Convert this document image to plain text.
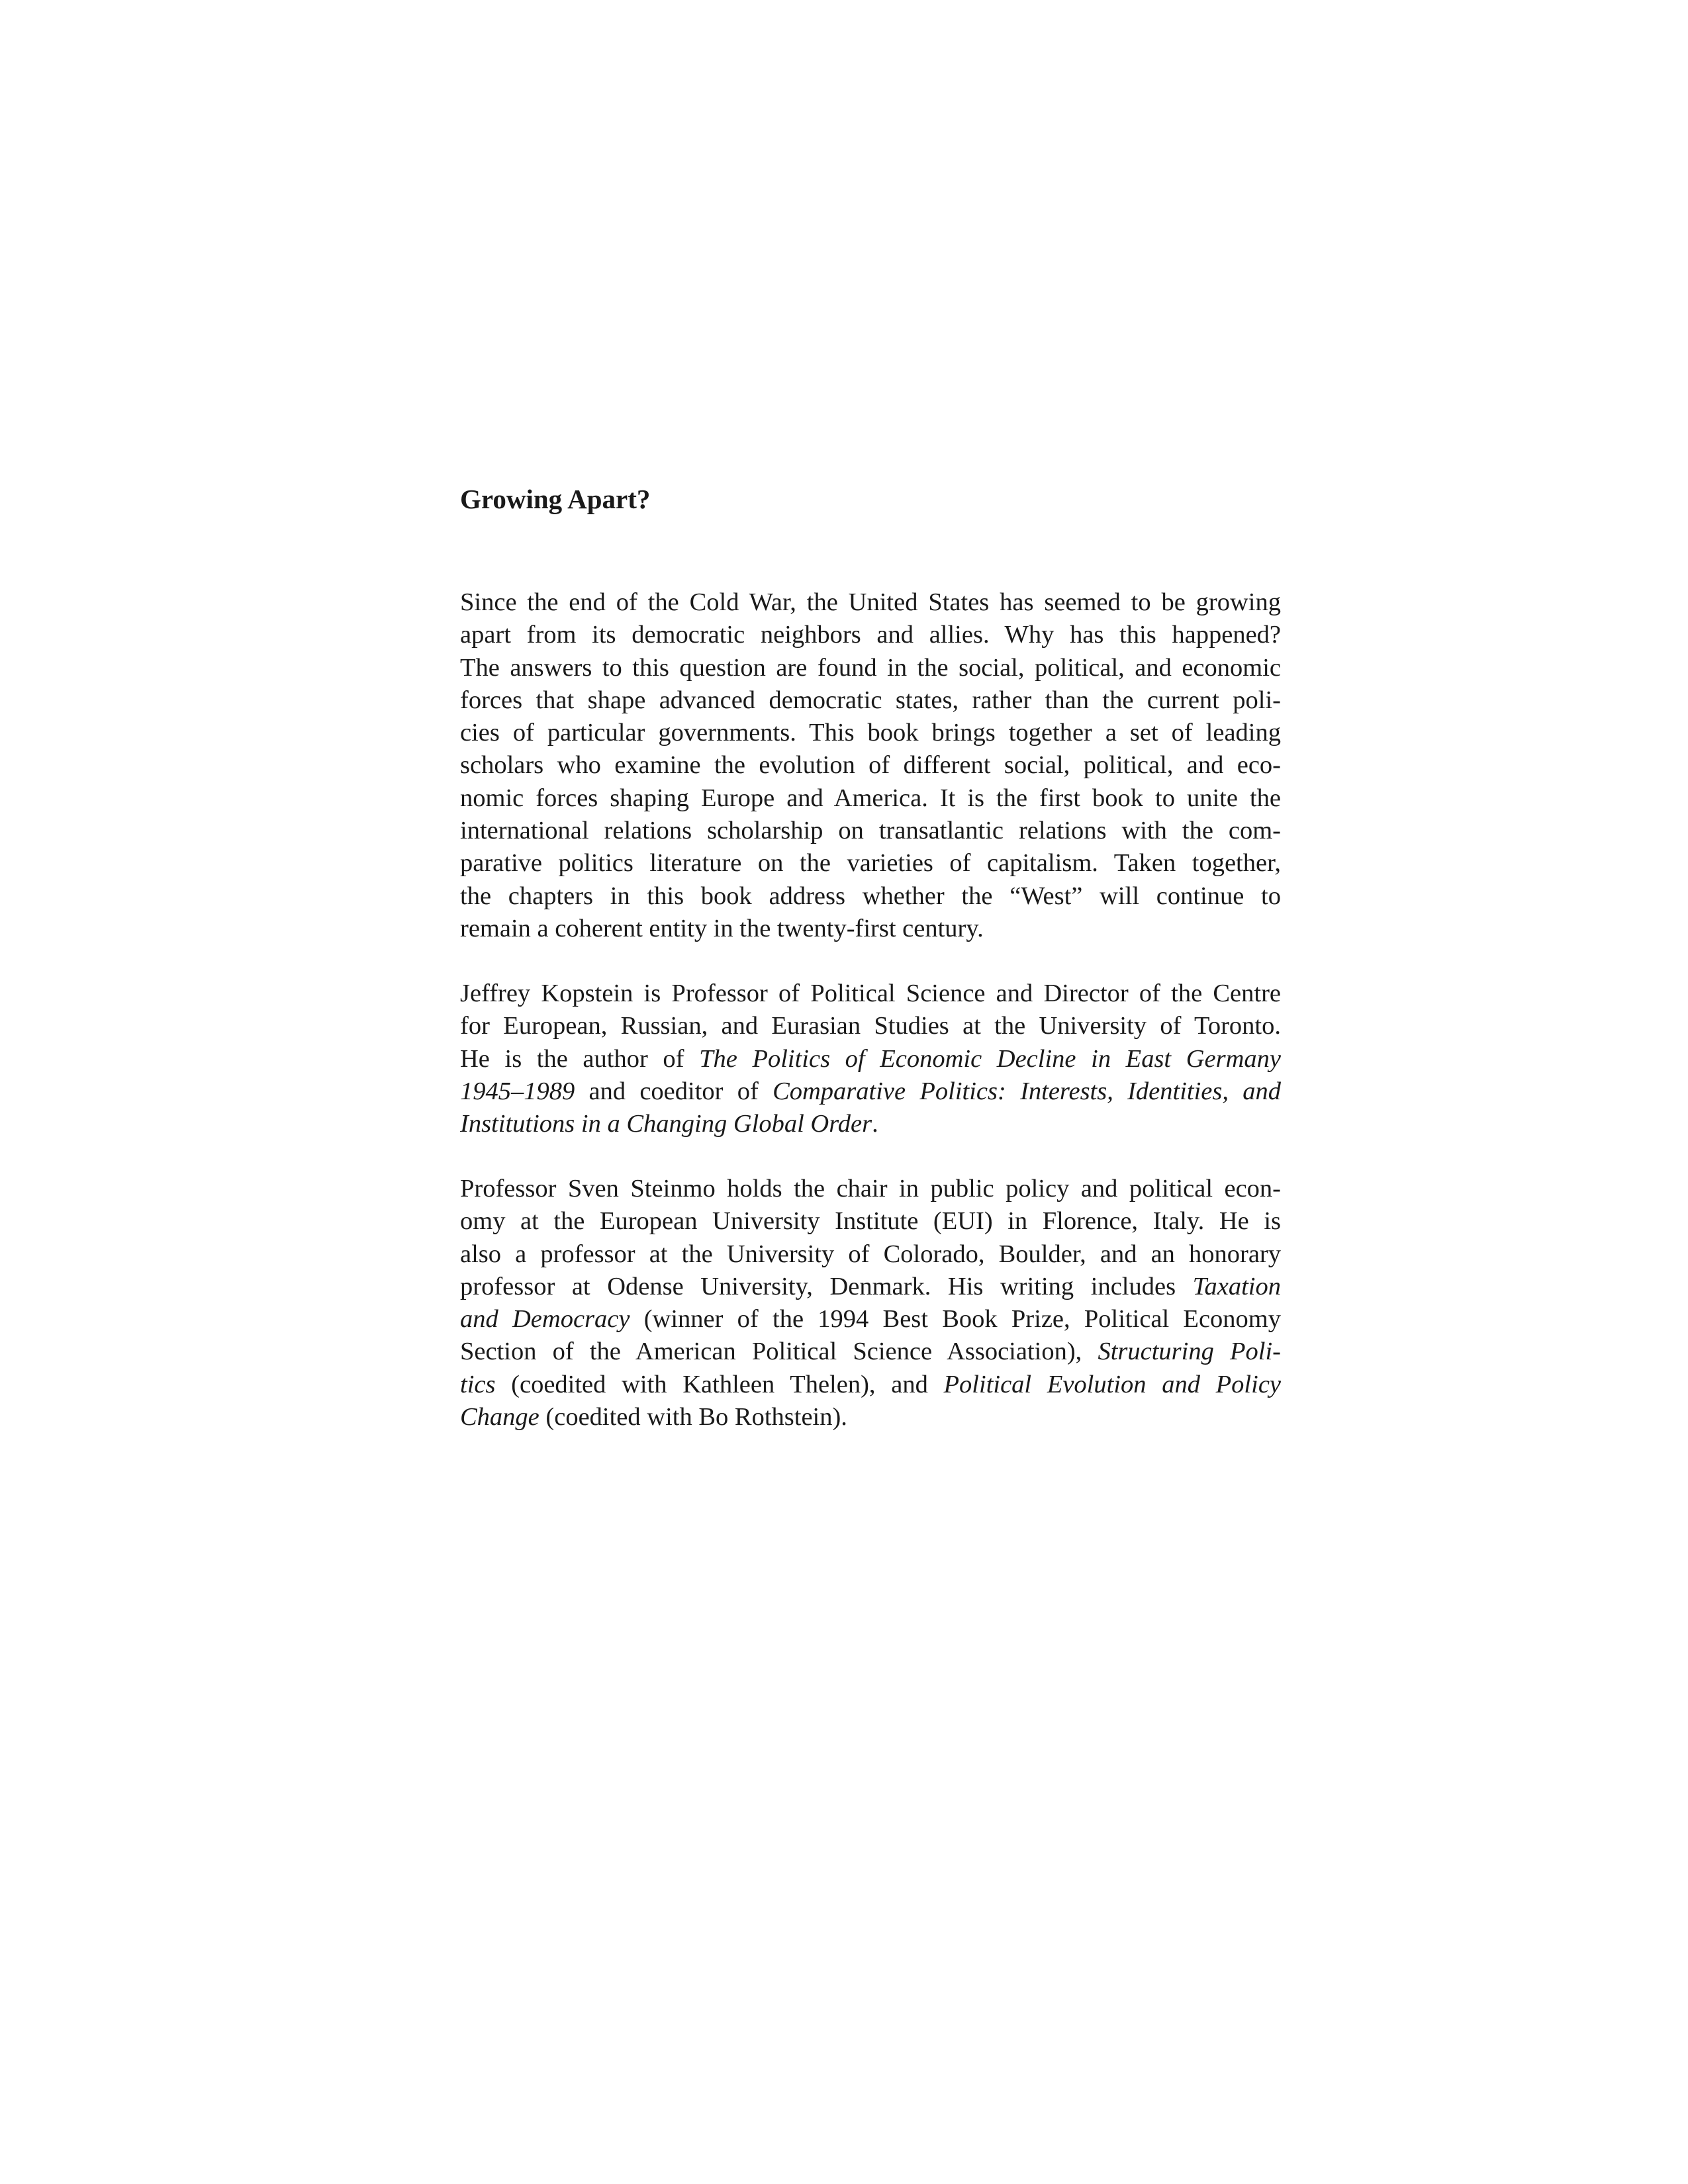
Growing Apart?
Since the end of the Cold War, the United States has seemed to be growing
apart from its democratic neighbors and allies. Why has this happened?
The answers to this question are found in the social, political, and economic
forces that shape advanced democratic states, rather than the current poli-
cies of particular governments. This book brings together a set of leading
scholars who examine the evolution of different social, political, and eco-
nomic forces shaping Europe and America. It is the first book to unite the
international relations scholarship on transatlantic relations with the com-
parative politics literature on the varieties of capitalism. Taken together,
the chapters in this book address whether the “West” will continue to
remain a coherent entity in the twenty-first century.
Jeffrey Kopstein is Professor of Political Science and Director of the Centre
for European, Russian, and Eurasian Studies at the University of Toronto.
He is the author of The Politics of Economic Decline in East Germany
1945–1989 and coeditor of Comparative Politics: Interests, Identities, and
Institutions in a Changing Global Order.
Professor Sven Steinmo holds the chair in public policy and political econ-
omy at the European University Institute (EUI) in Florence, Italy. He is
also a professor at the University of Colorado, Boulder, and an honorary
professor at Odense University, Denmark. His writing includes Taxation
and Democracy (winner of the 1994 Best Book Prize, Political Economy
Section of the American Political Science Association), Structuring Poli-
tics (coedited with Kathleen Thelen), and Political Evolution and Policy
Change (coedited with Bo Rothstein).
